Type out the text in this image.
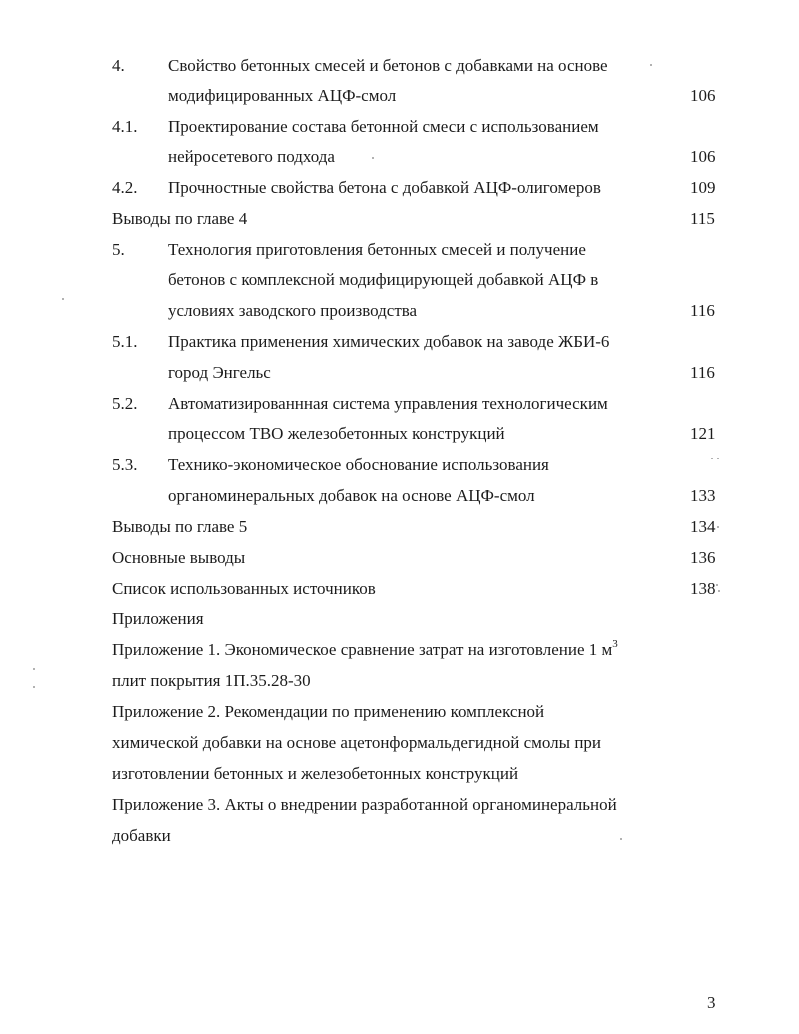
4.	Свойство бетонных смесей и бетонов с добавками на основе
модифицированных АЦФ-смол	106
4.1. Проектирование состава бетонной смеси с использованием
нейросетевого подхода	106
4.2. Прочностные свойства бетона с добавкой АЦФ-олигомеров	109
Выводы по главе 4	115
5.	Технология приготовления бетонных смесей и получение
бетонов с комплексной модифицирующей добавкой АЦФ в
условиях заводского производства	116
5.1. Практика применения химических добавок на заводе ЖБИ-6
город Энгельс	116
5.2. Автоматизированнная система управления технологическим
процессом ТВО железобетонных конструкций	121
5.3. Технико-экономическое обоснование использования
органоминеральных добавок на основе АЦФ-смол	133
Выводы по главе 5	134
Основные выводы	136
Список использованных источников	138
Приложения
Приложение 1. Экономическое сравнение затрат на изготовление 1 $м^3$
плит покрытия 1П.35.28-30
Приложение 2. Рекомендации по применению комплексной
химической добавки на основе ацетонформальдегидной смолы при
изготовлении бетонных и железобетонных конструкций
Приложение 3. Акты о внедрении разработанной органоминеральной
добавки
3
